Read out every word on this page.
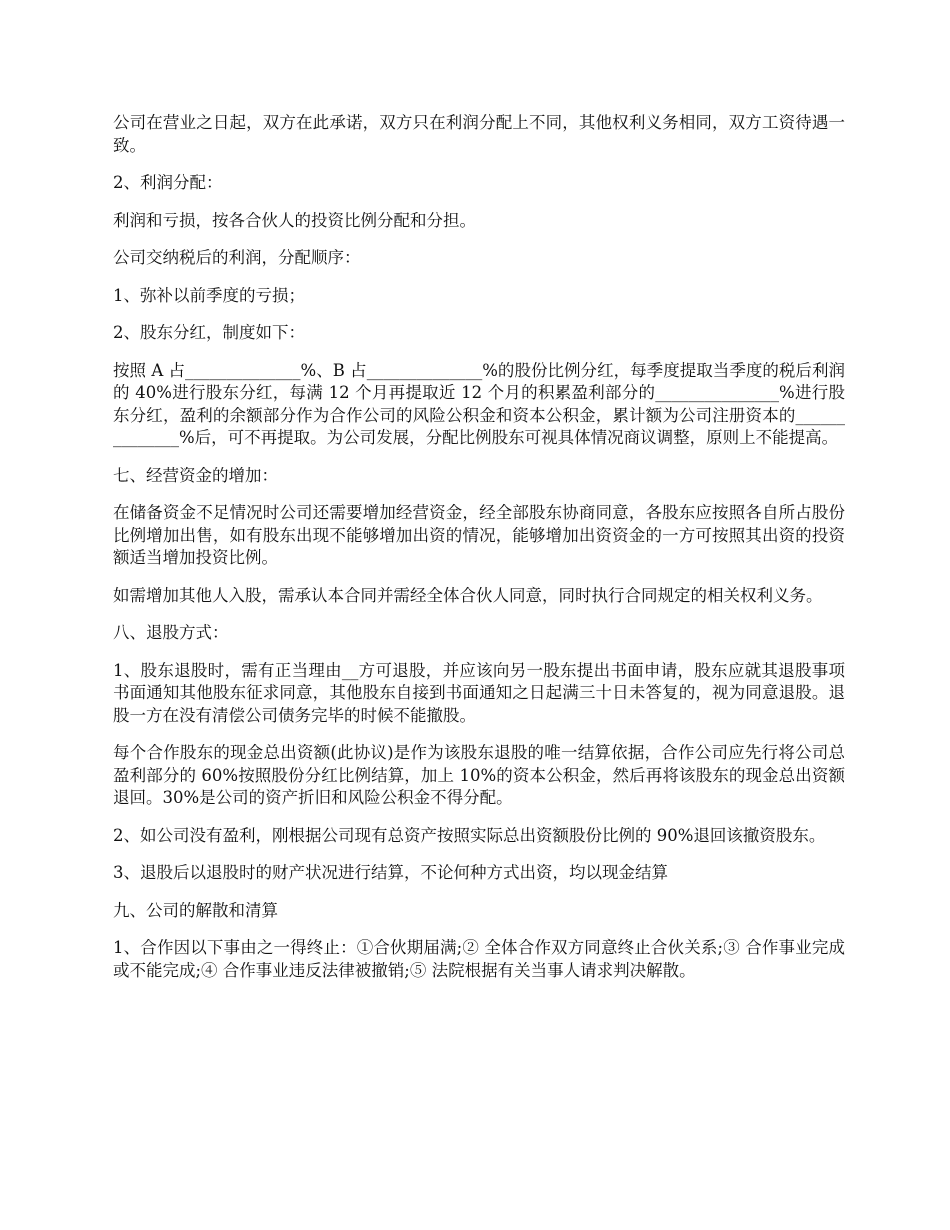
公司在营业之日起，双方在此承诺，双方只在利润分配上不同，其他权利义务相同，双方工资待遇一致。

2、利润分配：

利润和亏损，按各合伙人的投资比例分配和分担。

公司交纳税后的利润，分配顺序：

1、弥补以前季度的亏损；

2、股东分红，制度如下：

按照 A 占______________%、B 占______________%的股份比例分红，每季度提取当季度的税后利润的 40%进行股东分红，每满 12 个月再提取近 12 个月的积累盈利部分的_______________%进行股东分红，盈利的余额部分作为合作公司的风险公积金和资本公积金，累计额为公司注册资本的______________%后，可不再提取。为公司发展，分配比例股东可视具体情况商议调整，原则上不能提高。

七、经营资金的增加：

在储备资金不足情况时公司还需要增加经营资金，经全部股东协商同意，各股东应按照各自所占股份比例增加出售，如有股东出现不能够增加出资的情况，能够增加出资资金的一方可按照其出资的投资额适当增加投资比例。

如需增加其他人入股，需承认本合同并需经全体合伙人同意，同时执行合同规定的相关权利义务。

八、退股方式：

1、股东退股时，需有正当理由__方可退股，并应该向另一股东提出书面申请，股东应就其退股事项书面通知其他股东征求同意，其他股东自接到书面通知之日起满三十日未答复的，视为同意退股。退股一方在没有清偿公司债务完毕的时候不能撤股。

每个合作股东的现金总出资额(此协议)是作为该股东退股的唯一结算依据，合作公司应先行将公司总盈利部分的 60%按照股份分红比例结算，加上 10%的资本公积金，然后再将该股东的现金总出资额退回。30%是公司的资产折旧和风险公积金不得分配。

2、如公司没有盈利，刚根据公司现有总资产按照实际总出资额股份比例的 90%退回该撤资股东。

3、退股后以退股时的财产状况进行结算，不论何种方式出资，均以现金结算

九、公司的解散和清算

1、合作因以下事由之一得终止：①合伙期届满;② 全体合作双方同意终止合伙关系;③ 合作事业完成或不能完成;④ 合作事业违反法律被撤销;⑤ 法院根据有关当事人请求判决解散。
